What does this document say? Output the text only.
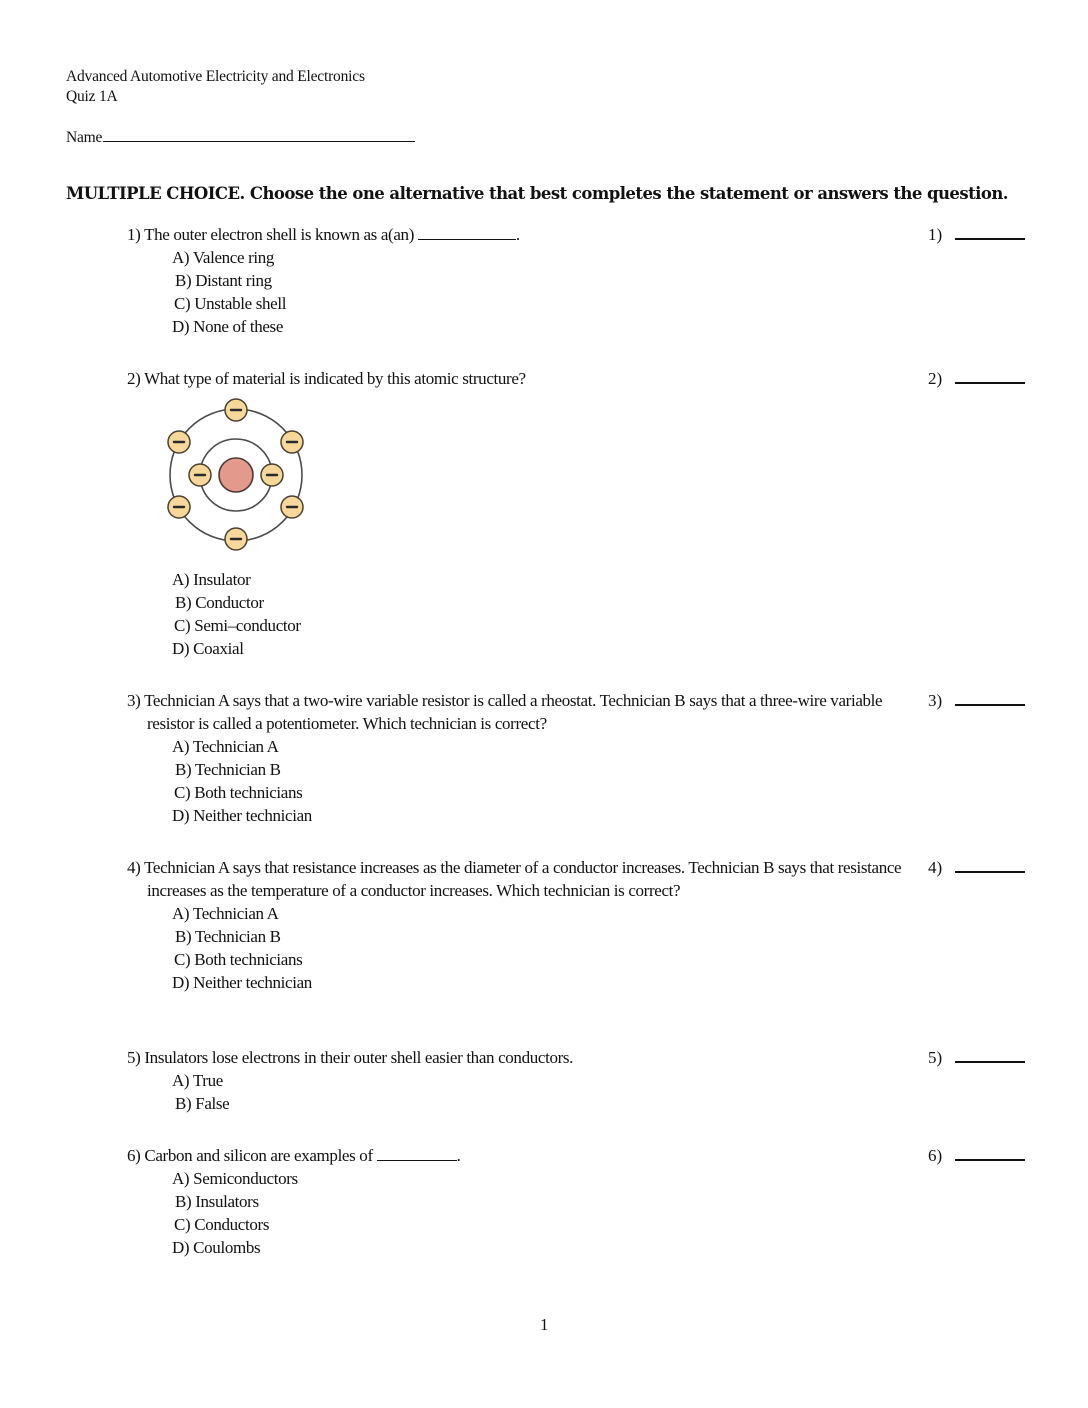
Advanced Automotive Electricity and Electronics
Quiz 1A
Name
MULTIPLE CHOICE. Choose the one alternative that best completes the statement or answers the question.
1) The outer electron shell is known as a(an)	.
A) Valence ring
B) Distant ring
C) Unstable shell
D) None of these
1)
2) What type of material is indicated by this atomic structure?	2)
A) Insulator
B) Conductor
C) Semi–conductor
D) Coaxial
3) Technician A says that a two-wire variable resistor is called a rheostat. Technician B says that a three-wire variable resistor is called a potentiometer. Which technician is correct?
A) Technician A
B) Technician B
C) Both technicians
D) Neither technician
3)
4) Technician A says that resistance increases as the diameter of a conductor increases. Technician B says that resistance increases as the temperature of a conductor increases. Which technician is correct?
A) Technician A
B) Technician B
C) Both technicians
D) Neither technician
4)
5) Insulators lose electrons in their outer shell easier than conductors.
A) True
B) False
5)
6) Carbon and silicon are examples of	.
A) Semiconductors
B) Insulators
C) Conductors
D) Coulombs
6)
1
